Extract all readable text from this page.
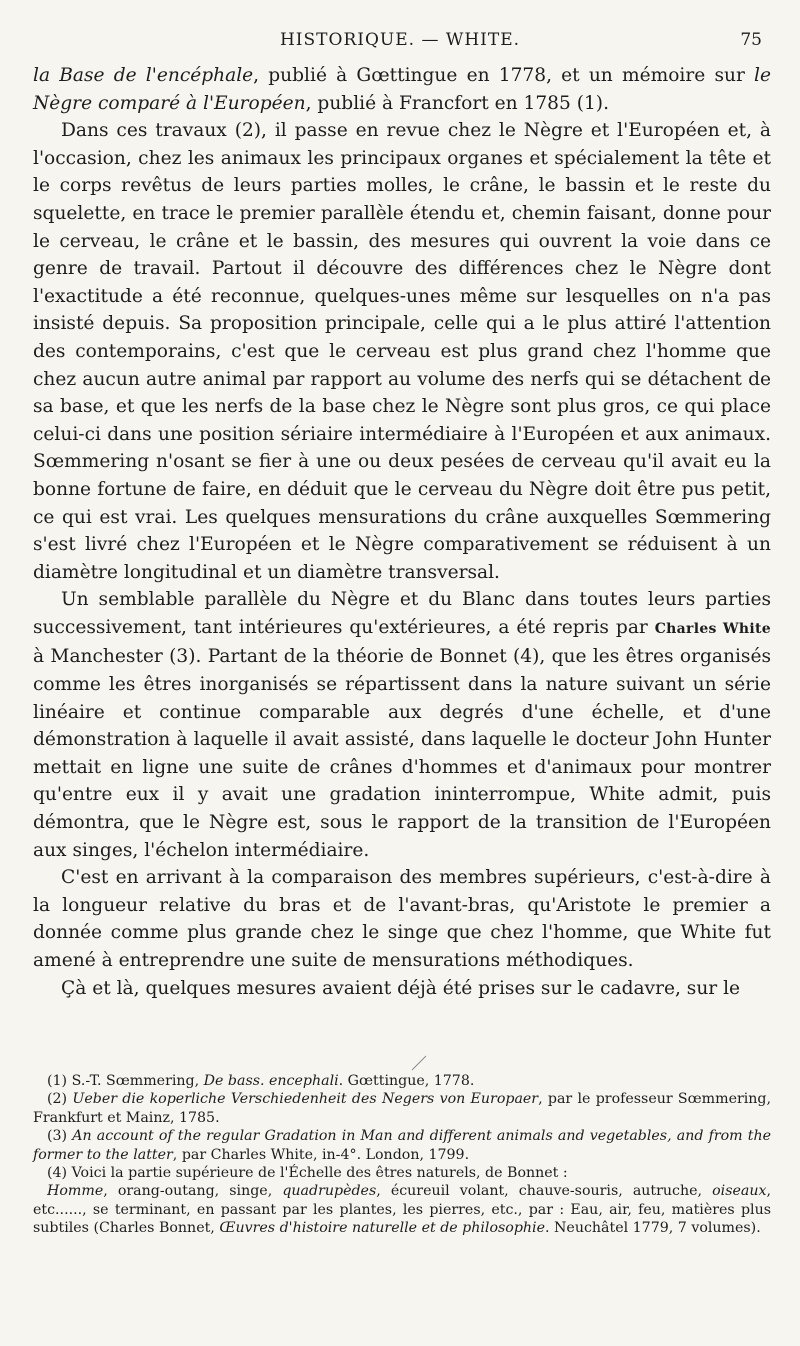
HISTORIQUE. — WHITE.	75

la Base de l'encéphale, publié à Gœttingue en 1778, et un mémoire sur le Nègre comparé à l'Européen, publié à Francfort en 1785 (1).

Dans ces travaux (2), il passe en revue chez le Nègre et l'Européen et, à l'occasion, chez les animaux les principaux organes et spécialement la tête et le corps revêtus de leurs parties molles, le crâne, le bassin et le reste du squelette, en trace le premier parallèle étendu et, chemin faisant, donne pour le cerveau, le crâne et le bassin, des mesures qui ouvrent la voie dans ce genre de travail. Partout il découvre des différences chez le Nègre dont l'exactitude a été reconnue, quelques-unes même sur lesquelles on n'a pas insisté depuis. Sa proposition principale, celle qui a le plus attiré l'attention des contemporains, c'est que le cerveau est plus grand chez l'homme que chez aucun autre animal par rapport au volume des nerfs qui se détachent de sa base, et que les nerfs de la base chez le Nègre sont plus gros, ce qui place celui-ci dans une position sériaire intermédiaire à l'Européen et aux animaux. Sœmmering n'osant se fier à une ou deux pesées de cerveau qu'il avait eu la bonne fortune de faire, en déduit que le cerveau du Nègre doit être pus petit, ce qui est vrai. Les quelques mensurations du crâne auxquelles Sœmmering s'est livré chez l'Européen et le Nègre comparativement se réduisent à un diamètre longitudinal et un diamètre transversal.

Un semblable parallèle du Nègre et du Blanc dans toutes leurs parties successivement, tant intérieures qu'extérieures, a été repris par Charles White à Manchester (3). Partant de la théorie de Bonnet (4), que les êtres organisés comme les êtres inorganisés se répartissent dans la nature suivant un série linéaire et continue comparable aux degrés d'une échelle, et d'une démonstration à laquelle il avait assisté, dans laquelle le docteur John Hunter mettait en ligne une suite de crânes d'hommes et d'animaux pour montrer qu'entre eux il y avait une gradation ininterrompue, White admit, puis démontra, que le Nègre est, sous le rapport de la transition de l'Européen aux singes, l'échelon intermédiaire.

C'est en arrivant à la comparaison des membres supérieurs, c'est-à-dire à la longueur relative du bras et de l'avant-bras, qu'Aristote le premier a donnée comme plus grande chez le singe que chez l'homme, que White fut amené à entreprendre une suite de mensurations méthodiques.

Çà et là, quelques mesures avaient déjà été prises sur le cadavre, sur le

(1) S.-T. Sœmmering, De bass. encephali. Gœttingue, 1778.

(2) Ueber die koperliche Verschiedenheit des Negers von Europaer, par le professeur Sœmmering, Frankfurt et Mainz, 1785.

(3) An account of the regular Gradation in Man and different animals and vegetables, and from the former to the latter, par Charles White, in-4°. London, 1799.

(4) Voici la partie supérieure de l'Échelle des êtres naturels, de Bonnet :

Homme, orang-outang, singe, quadrupèdes, écureuil volant, chauve-souris, autruche, oiseaux, etc......, se terminant, en passant par les plantes, les pierres, etc., par : Eau, air, feu, matières plus subtiles (Charles Bonnet, Œuvres d'histoire naturelle et de philosophie. Neuchâtel 1779, 7 volumes).
